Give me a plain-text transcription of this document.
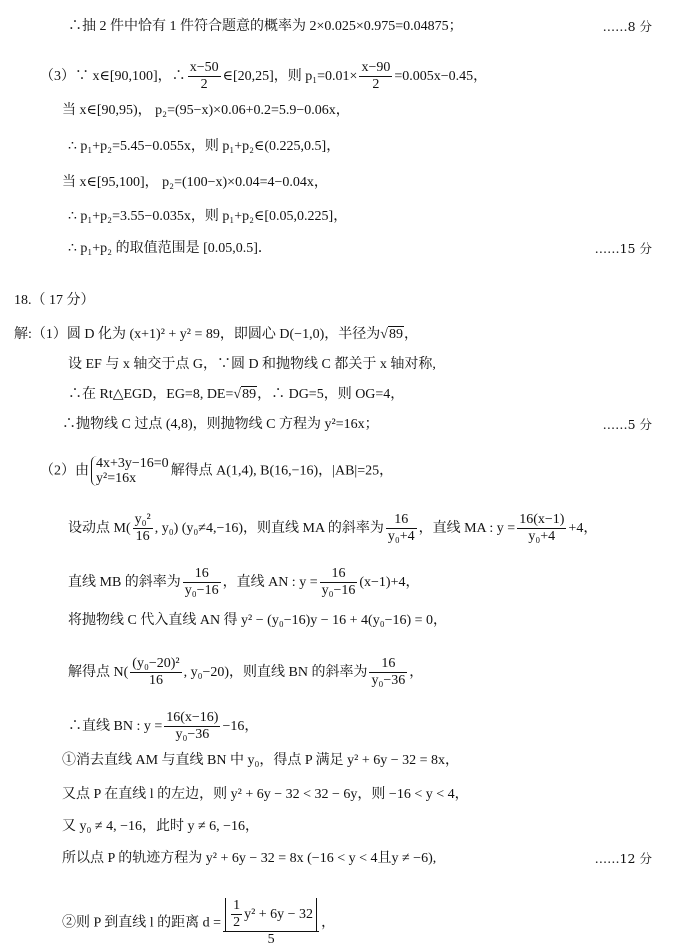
∴抽 2 件中恰有 1 件符合题意的概率为 2×0.025×0.975=0.04875；	……8 分
（3）∵ x∈[90,100]，∴ $\frac{x-50}{2}$ ∈[20,25]，则 $p_1=0.01\times \frac{x-90}{2} =0.005x-0.45$，
当 x∈[90,95)， p₂=(95−x)×0.06+0.2=5.9−0.06x，
∴ p₁+p₂=5.45−0.055x，则 p₁+p₂∈(0.225,0.5]，
当 x∈[95,100]， p₂=(100−x)×0.04=4−0.04x，
∴ p₁+p₂=3.55−0.035x，则 p₁+p₂∈[0.05,0.225]，
∴ p₁+p₂ 的取值范围是 [0.05,0.5]．	……15 分
18.（ 17 分）
解:（1）圆 D 化为 (x+1)² + y² = 89，即圆心 D(−1,0)，半径为√89，
设 EF 与 x 轴交于点 G，∵圆 D 和抛物线 C 都关于 x 轴对称,
∴在 Rt△EGD，EG=8, DE=√89，∴ DG=5，则 OG=4，
∴抛物线 C 过点 (4,8)，则抛物线 C 方程为 y²=16x；	……5 分
（2）由 4x+3y−16=0
y²=16x	解得点 A(1,4), B(16,−16)，|AB|=25，
设动点 $M( \frac{\text{y₀²}}{16}$ , y₀) (y₀≠4,−16)，则直线 MA 的斜率为 $\frac{16}{\text{y₀+4}}$ ，直线 MA : $y = \frac{16(x-1)}{\text{y₀+4}} +4$，
直线 MB 的斜率为 $\frac{16}{\text{y₀−16}}$ ，直线 AN : $y = \frac{16}{\text{y₀−16}} (x-1)+4$，
将抛物线 C 代入直线 AN 得 y² − (y₀−16)y − 16 + 4(y₀−16) = 0，
解得点 $N( \frac{\text{(y₀−20)²}}{16}$ , y₀−20)，则直线 BN 的斜率为 $\frac{16}{\text{y₀−36}}$ ，
∴直线 BN : $y = \frac{16(x-16)}{\text{y₀−36}} -16$，
①消去直线 AM 与直线 BN 中 y₀，得点 P 满足 y² + 6y − 32 = 8x，
又点 P 在直线 l 的左边，则 y² + 6y − 32 < 32 − 6y，则 −16 < y < 4，
又 y₀ ≠ 4, −16，此时 y ≠ 6, −16，
所以点 P 的轨迹方程为 y² + 6y − 32 = 8x (−16 < y < 4且y ≠ −6),	……12 分
②则 P 到直线 l 的距离 $d = \frac{\frac{1}{2} y^2 + 6y - 32}{5}$ ，
